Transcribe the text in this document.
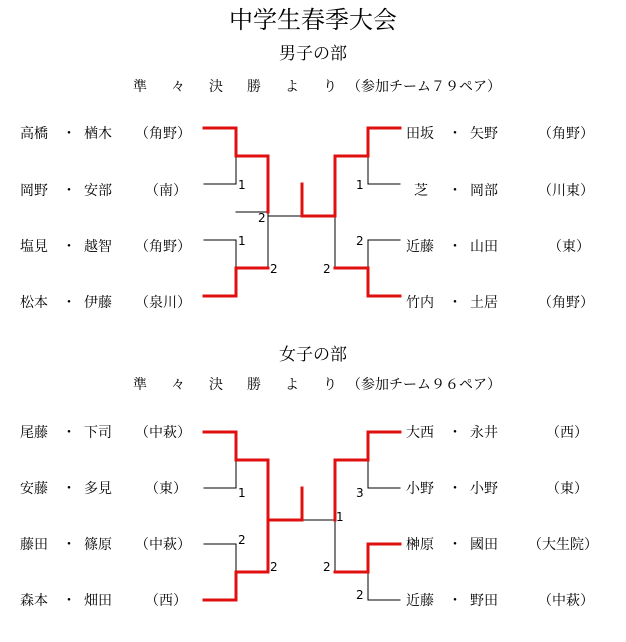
中学生春季大会
男子の部
準 々 決 勝 よ り （参加チーム７９ペア）
高橋 ・ 楢木 （角野）
岡野 ・ 安部 （南）
塩見 ・ 越智 （角野）
松本 ・ 伊藤 （泉川）
田坂 ・ 矢野	（角野）
芝 ・ 岡部	（川東）
近藤 ・ 山田	（東）
竹内 ・ 土居	（角野）
女子の部
準 々 決 勝 よ り （参加チーム９６ペア）
尾藤 ・ 下司 （中萩）
安藤 ・ 多見 （東）
藤田 ・ 篠原 （中萩）
森本 ・ 畑田 （西）
大西 ・ 永井	（西）
小野 ・ 小野	（東）
榊原 ・ 國田 （大生院）
近藤 ・ 野田	（中萩）
1
1
2
2
1
2
2
1
2
2
3
1
2
2
